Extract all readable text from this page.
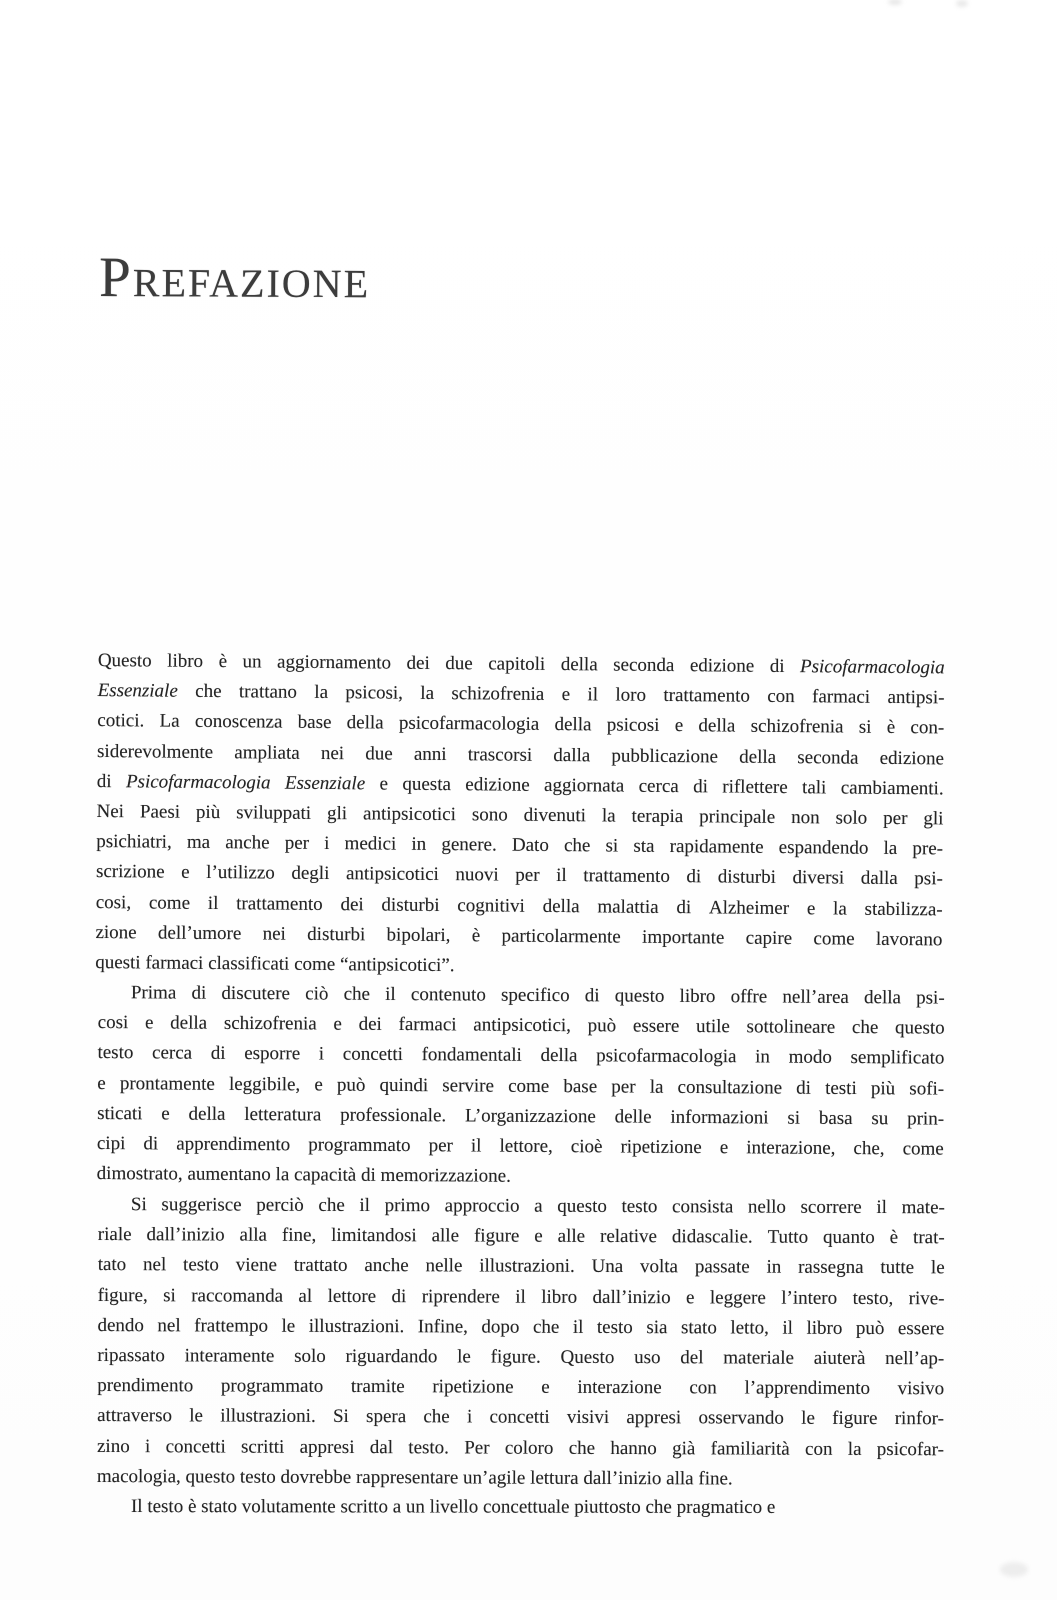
Prefazione
Questo libro è un aggiornamento dei due capitoli della seconda edizione di Psicofarmacologia
Essenziale che trattano la psicosi, la schizofrenia e il loro trattamento con farmaci antipsi-
cotici. La conoscenza base della psicofarmacologia della psicosi e della schizofrenia si è con-
siderevolmente ampliata nei due anni trascorsi dalla pubblicazione della seconda edizione
di Psicofarmacologia Essenziale e questa edizione aggiornata cerca di riflettere tali cambiamenti.
Nei Paesi più sviluppati gli antipsicotici sono divenuti la terapia principale non solo per gli
psichiatri, ma anche per i medici in genere. Dato che si sta rapidamente espandendo la pre-
scrizione e l’utilizzo degli antipsicotici nuovi per il trattamento di disturbi diversi dalla psi-
cosi, come il trattamento dei disturbi cognitivi della malattia di Alzheimer e la stabilizza-
zione dell’umore nei disturbi bipolari, è particolarmente importante capire come lavorano
questi farmaci classificati come “antipsicotici”.
Prima di discutere ciò che il contenuto specifico di questo libro offre nell’area della psi-
cosi e della schizofrenia e dei farmaci antipsicotici, può essere utile sottolineare che questo
testo cerca di esporre i concetti fondamentali della psicofarmacologia in modo semplificato
e prontamente leggibile, e può quindi servire come base per la consultazione di testi più sofi-
sticati e della letteratura professionale. L’organizzazione delle informazioni si basa su prin-
cipi di apprendimento programmato per il lettore, cioè ripetizione e interazione, che, come
dimostrato, aumentano la capacità di memorizzazione.
Si suggerisce perciò che il primo approccio a questo testo consista nello scorrere il mate-
riale dall’inizio alla fine, limitandosi alle figure e alle relative didascalie. Tutto quanto è trat-
tato nel testo viene trattato anche nelle illustrazioni. Una volta passate in rassegna tutte le
figure, si raccomanda al lettore di riprendere il libro dall’inizio e leggere l’intero testo, rive-
dendo nel frattempo le illustrazioni. Infine, dopo che il testo sia stato letto, il libro può essere
ripassato interamente solo riguardando le figure. Questo uso del materiale aiuterà nell’ap-
prendimento programmato tramite ripetizione e interazione con l’apprendimento visivo
attraverso le illustrazioni. Si spera che i concetti visivi appresi osservando le figure rinfor-
zino i concetti scritti appresi dal testo. Per coloro che hanno già familiarità con la psicofar-
macologia, questo testo dovrebbe rappresentare un’agile lettura dall’inizio alla fine.
Il testo è stato volutamente scritto a un livello concettuale piuttosto che pragmatico e
